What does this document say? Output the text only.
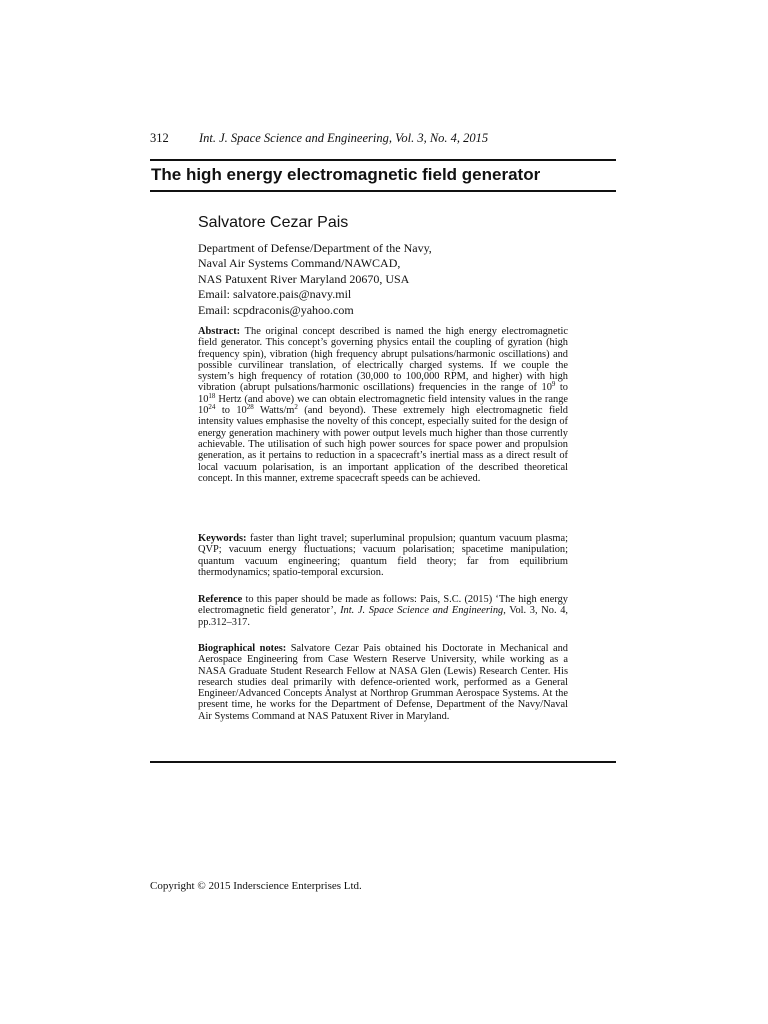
312 Int. J. Space Science and Engineering, Vol. 3, No. 4, 2015
The high energy electromagnetic field generator
Salvatore Cezar Pais
Department of Defense/Department of the Navy,
Naval Air Systems Command/NAWCAD,
NAS Patuxent River Maryland 20670, USA
Email: salvatore.pais@navy.mil
Email: scpdraconis@yahoo.com

Abstract: The original concept described is named the high energy electromagnetic field generator. This concept’s governing physics entail the coupling of gyration (high frequency spin), vibration (high frequency abrupt pulsations/harmonic oscillations) and possible curvilinear translation, of electrically charged systems. If we couple the system’s high frequency of rotation (30,000 to 100,000 RPM, and higher) with high vibration (abrupt pulsations/harmonic oscillations) frequencies in the range of $10^9$ to $10^{18}$ Hertz (and above) we can obtain electromagnetic field intensity values in the range $10^{24}$ to $10^{28}$ Watts/$m^2$ (and beyond). These extremely high electromagnetic field intensity values emphasise the novelty of this concept, especially suited for the design of energy generation machinery with power output levels much higher than those currently achievable. The utilisation of such high power sources for space power and propulsion generation, as it pertains to reduction in a spacecraft’s inertial mass as a direct result of local vacuum polarisation, is an important application of the described theoretical concept. In this manner, extreme spacecraft speeds can be achieved.

Keywords: faster than light travel; superluminal propulsion; quantum vacuum plasma; QVP; vacuum energy fluctuations; vacuum polarisation; spacetime manipulation; quantum vacuum engineering; quantum field theory; far from equilibrium thermodynamics; spatio-temporal excursion.

Reference to this paper should be made as follows: Pais, S.C. (2015) ‘The high energy electromagnetic field generator’, Int. J. Space Science and Engineering, Vol. 3, No. 4, pp.312–317.

Biographical notes: Salvatore Cezar Pais obtained his Doctorate in Mechanical and Aerospace Engineering from Case Western Reserve University, while working as a NASA Graduate Student Research Fellow at NASA Glen (Lewis) Research Center. His research studies deal primarily with defence-oriented work, performed as a General Engineer/Advanced Concepts Analyst at Northrop Grumman Aerospace Systems. At the present time, he works for the Department of Defense, Department of the Navy/Naval Air Systems Command at NAS Patuxent River in Maryland.

Copyright © 2015 Inderscience Enterprises Ltd.
